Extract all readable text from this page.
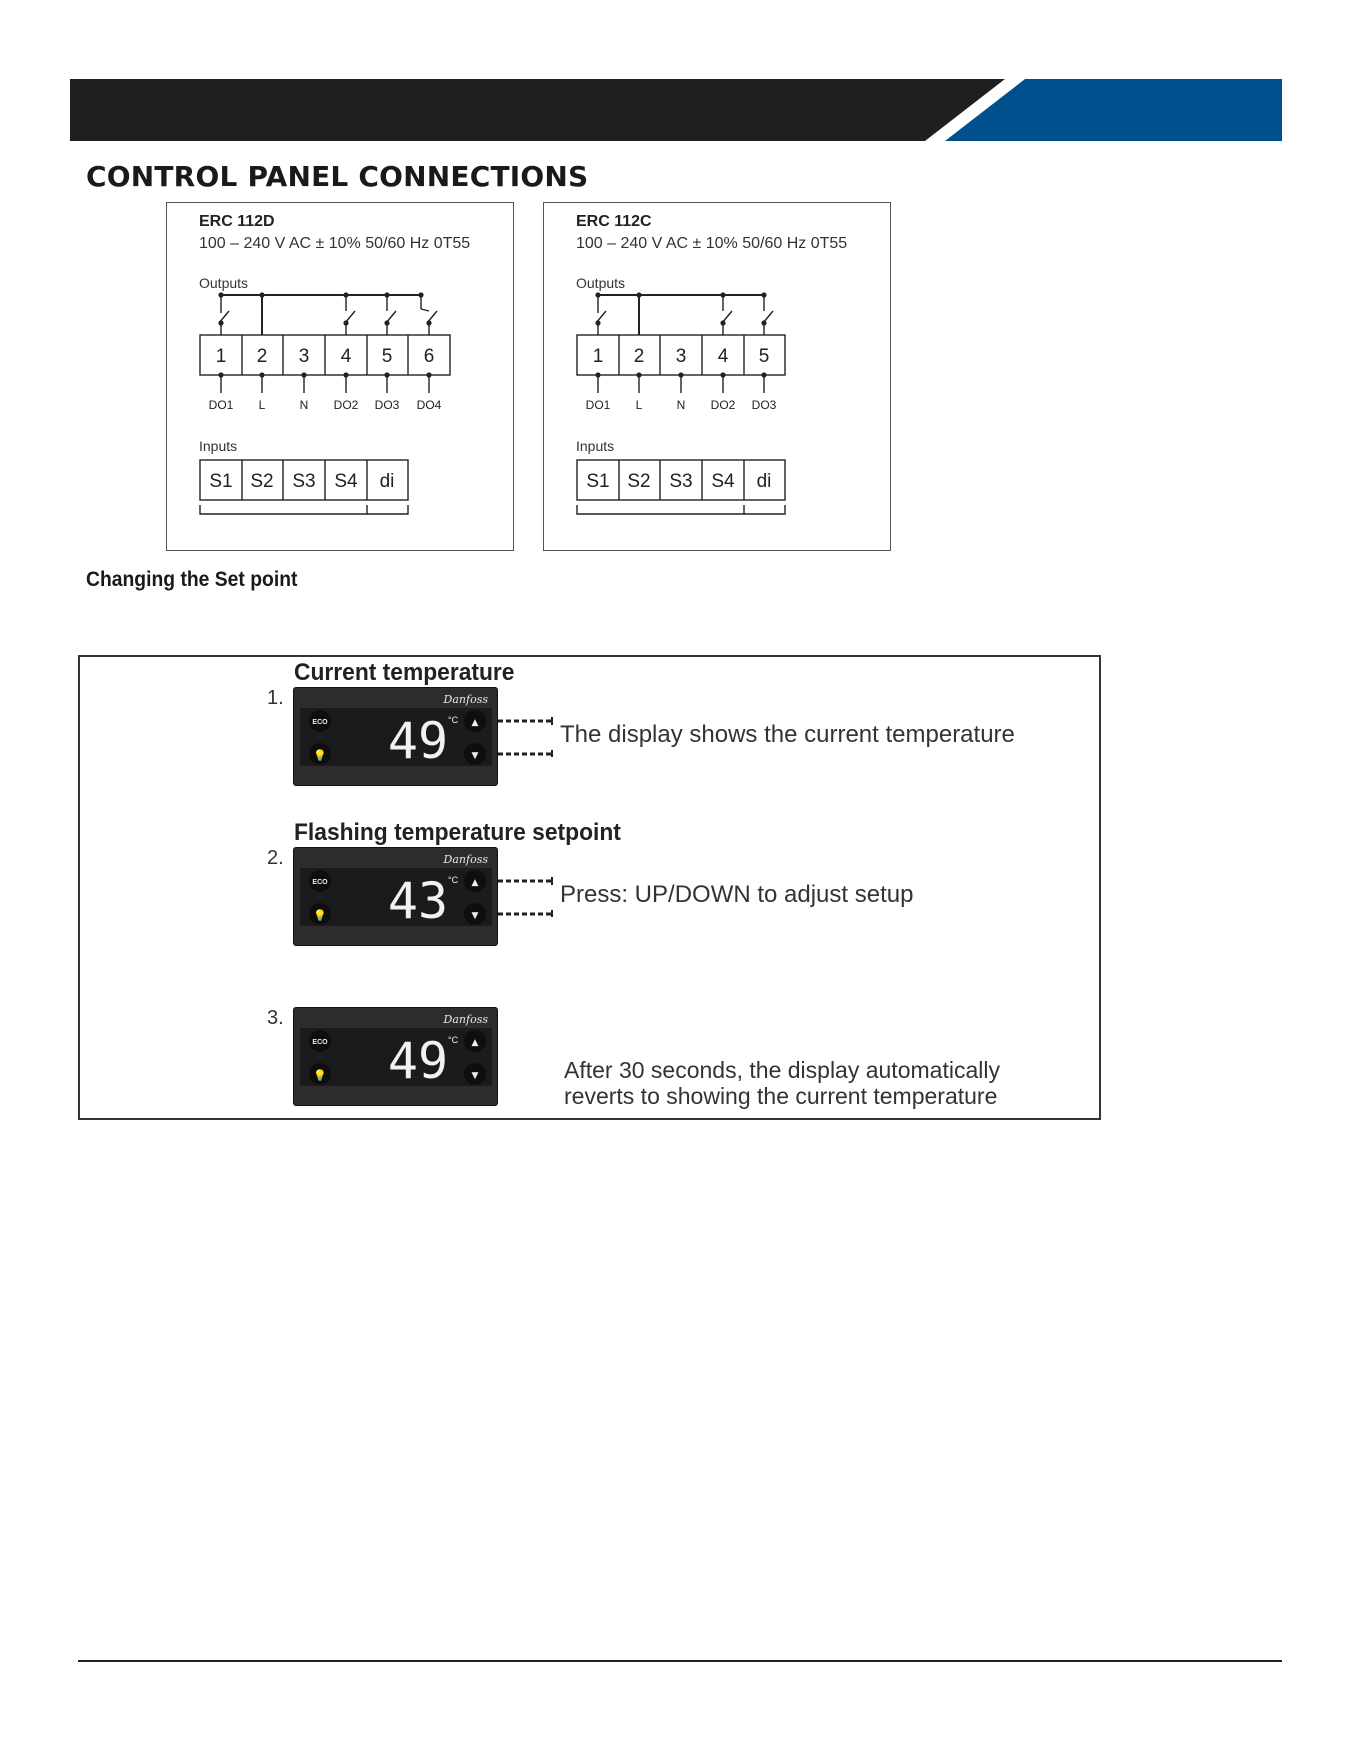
CONTROL PANEL CONNECTIONS
ERC 112D
100 – 240 V AC ± 10% 50/60 Hz 0T55
Outputs
Inputs
1 2 3 4 5 6
DO1 L	N DO2 DO3 DO4
S1 S2 S3 S4 di
ERC 112C
100 – 240 V AC ± 10% 50/60 Hz 0T55
Outputs
Inputs
1 2 3 4 5
DO1 L	N DO2 DO3
S1 S2 S3 S4 di
Changing the Set point
Current temperature
1.	Danfoss
ECO
💡
▲
▼
49 °C
The display shows the current temperature
Flashing temperature setpoint
2.	Danfoss
ECO
💡
▲
▼
43 °C
Press: UP/DOWN to adjust setup
3.	Danfoss
ECO
💡
▲
▼
49 °C
After 30 seconds, the display automatically
reverts to showing the current temperature
